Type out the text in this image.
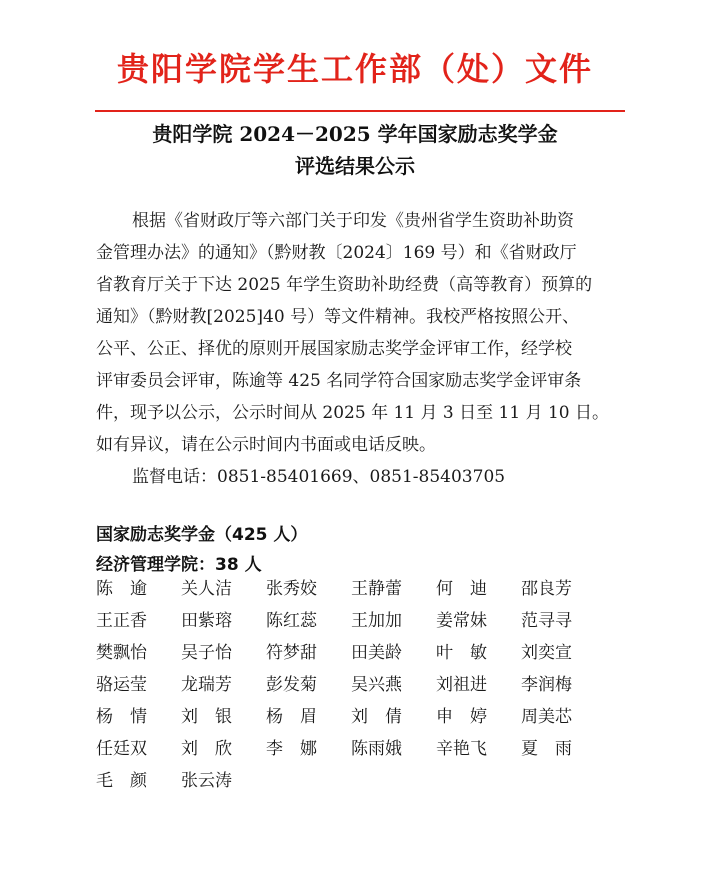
贵阳学院学生工作部（处）文件
贵阳学院 2024－2025 学年国家励志奖学金
评选结果公示
根据《省财政厅等六部门关于印发《贵州省学生资助补助资
金管理办法》的通知》（黔财教〔2024〕169 号）和《省财政厅
省教育厅关于下达 2025 年学生资助补助经费（高等教育）预算的
通知》（黔财教[2025]40 号）等文件精神。我校严格按照公开、
公平、公正、择优的原则开展国家励志奖学金评审工作，经学校
评审委员会评审，陈逾等 425 名同学符合国家励志奖学金评审条
件，现予以公示，公示时间从 2025 年 11 月 3 日至 11 月 10 日。
如有异议，请在公示时间内书面或电话反映。
监督电话：0851-85401669、0851-85403705
国家励志奖学金（425 人）
经济管理学院：38 人
陈　逾 关人洁 张秀姣 王静蕾 何　迪 邵良芳
王正香 田紫瑢 陈红蕊 王加加 姜常妹 范寻寻
樊飘怡 吴子怡 符梦甜 田美龄 叶　敏 刘奕宣
骆运莹 龙瑞芳 彭发菊 吴兴燕 刘祖进 李润梅
杨　情 刘　银 杨　眉 刘　倩 申　婷 周美芯
任廷双 刘　欣 李　娜 陈雨娥 辛艳飞 夏　雨
毛　颜 张云涛
